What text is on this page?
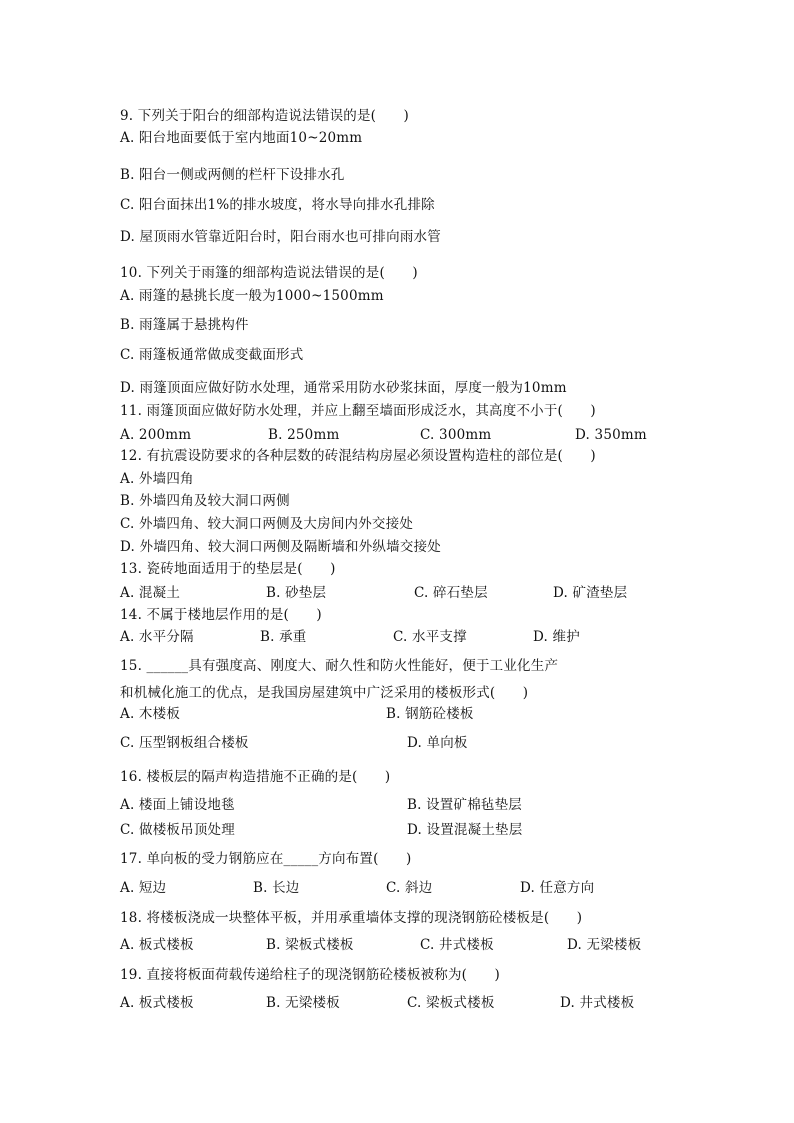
9. 下列关于阳台的细部构造说法错误的是(　　)
A. 阳台地面要低于室内地面10~20mm
B. 阳台一侧或两侧的栏杆下设排水孔
C. 阳台面抹出1%的排水坡度，将水导向排水孔排除
D. 屋顶雨水管靠近阳台时，阳台雨水也可排向雨水管
10. 下列关于雨篷的细部构造说法错误的是(　　)
A. 雨篷的悬挑长度一般为1000~1500mm
B. 雨篷属于悬挑构件
C. 雨篷板通常做成变截面形式
D. 雨篷顶面应做好防水处理，通常采用防水砂浆抹面，厚度一般为10mm
11. 雨篷顶面应做好防水处理，并应上翻至墙面形成泛水，其高度不小于(　　)
A. 200mm	B. 250mm	C. 300mm	D. 350mm
12. 有抗震设防要求的各种层数的砖混结构房屋必须设置构造柱的部位是(　　)
A. 外墙四角
B. 外墙四角及较大洞口两侧
C. 外墙四角、较大洞口两侧及大房间内外交接处
D. 外墙四角、较大洞口两侧及隔断墙和外纵墙交接处
13. 瓷砖地面适用于的垫层是(　　)
A. 混凝土	B. 砂垫层	C. 碎石垫层	D. 矿渣垫层
14. 不属于楼地层作用的是(　　)
A. 水平分隔	B. 承重	C. 水平支撑	D. 维护
15. ______具有强度高、刚度大、耐久性和防火性能好，便于工业化生产
和机械化施工的优点，是我国房屋建筑中广泛采用的楼板形式(　　)
A. 木楼板	B. 钢筋砼楼板
C. 压型钢板组合楼板	D. 单向板
16. 楼板层的隔声构造措施不正确的是(　　)
A. 楼面上铺设地毯	B. 设置矿棉毡垫层
C. 做楼板吊顶处理	D. 设置混凝土垫层
17. 单向板的受力钢筋应在_____方向布置(　　)
A. 短边	B. 长边	C. 斜边	D. 任意方向
18. 将楼板浇成一块整体平板，并用承重墙体支撑的现浇钢筋砼楼板是(　　)
A. 板式楼板	B. 梁板式楼板	C. 井式楼板	D. 无梁楼板
19. 直接将板面荷载传递给柱子的现浇钢筋砼楼板被称为(　　)
A. 板式楼板	B. 无梁楼板	C. 梁板式楼板	D. 井式楼板
